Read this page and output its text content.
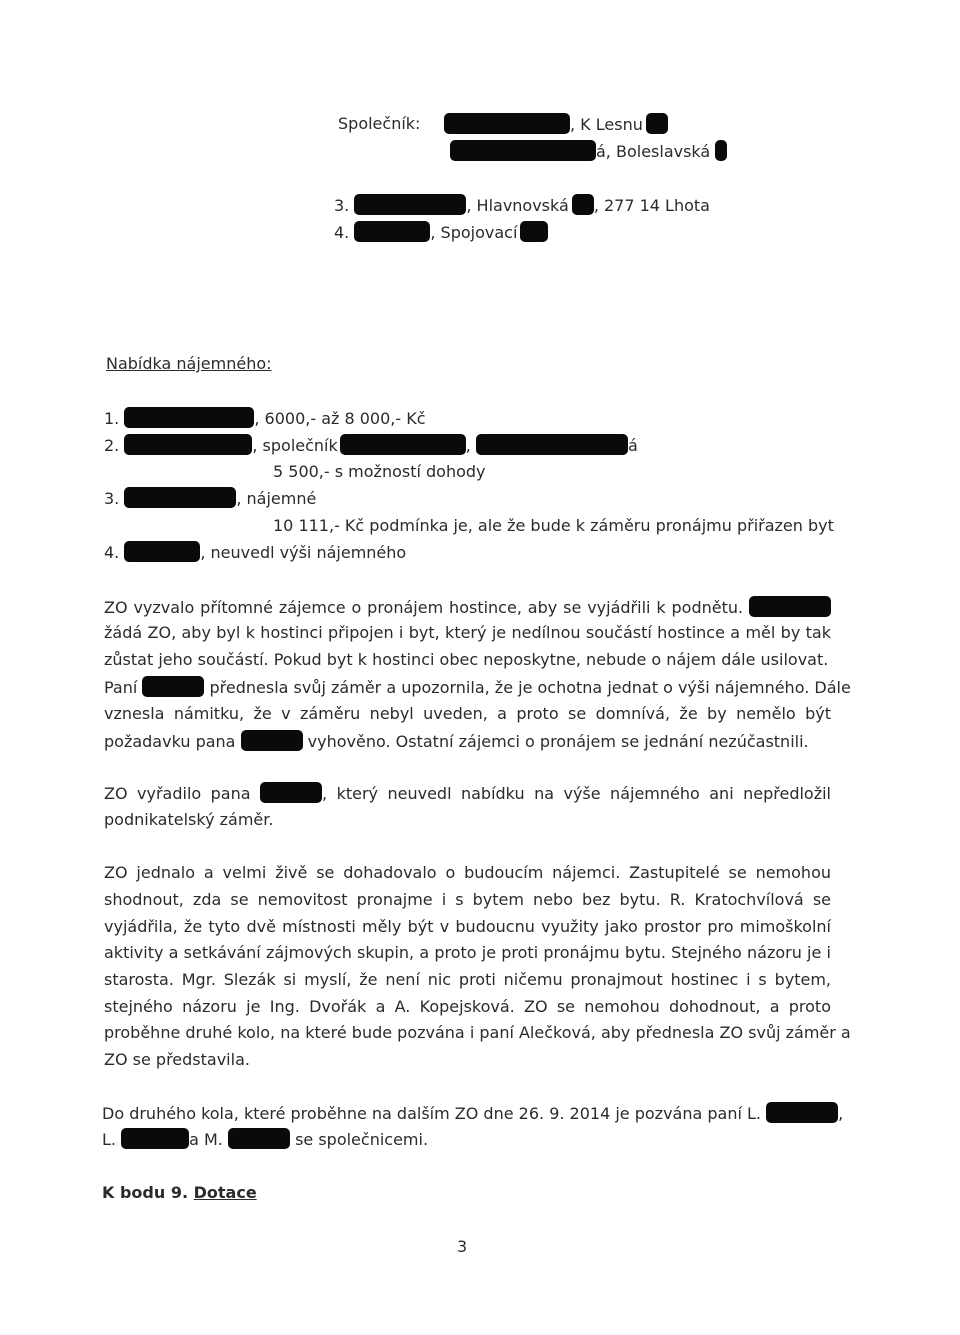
Společník:	, K Lesnu
á, Boleslavská
3.	, Hlavnovská , 277 14 Lhota
4.	, Spojovací
Nabídka nájemného:
1.	, 6000,- až 8 000,- Kč
2.	, společník	,	á
5 500,- s možností dohody
3.	, nájemné
10 111,- Kč podmínka je, ale že bude k záměru pronájmu přiřazen byt
4.	, neuvedl výši nájemného
ZO vyzvalo přítomné zájemce o pronájem hostince, aby se vyjádřili k podnětu.
žádá ZO, aby byl k hostinci připojen i byt, který je nedílnou součástí hostince a měl by tak
zůstat jeho součástí. Pokud byt k hostinci obec neposkytne, nebude o nájem dále usilovat.
Paní	přednesla svůj záměr a upozornila, že je ochotna jednat o výši nájemného. Dále
vznesla námitku, že v záměru nebyl uveden, a proto se domnívá, že by nemělo být
požadavku pana	vyhověno. Ostatní zájemci o pronájem se jednání nezúčastnili.
ZO vyřadilo pana	, který neuvedl nabídku na výše nájemného ani nepředložil
podnikatelský záměr.
ZO jednalo a velmi živě se dohadovalo o budoucím nájemci. Zastupitelé se nemohou
shodnout, zda se nemovitost pronajme i s bytem nebo bez bytu. R. Kratochvílová se
vyjádřila, že tyto dvě místnosti měly být v budoucnu využity jako prostor pro mimoškolní
aktivity a setkávání zájmových skupin, a proto je proti pronájmu bytu. Stejného názoru je i
starosta. Mgr. Slezák si myslí, že není nic proti ničemu pronajmout hostinec i s bytem,
stejného názoru je Ing. Dvořák a A. Kopejsková. ZO se nemohou dohodnout, a proto
proběhne druhé kolo, na které bude pozvána i paní Alečková, aby přednesla ZO svůj záměr a
ZO se představila.
Do druhého kola, které proběhne na dalším ZO dne 26. 9. 2014 je pozvána paní L.	,
L.	a M.	se společnicemi.
K bodu 9. Dotace
3
